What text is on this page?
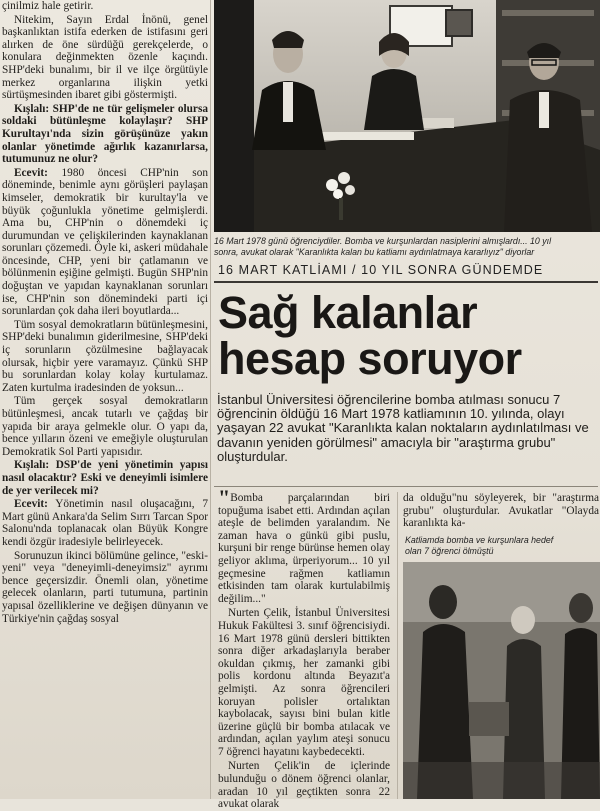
çinilmiz hale getirir.

Nitekim, Sayın Erdal İnönü, genel başkanlıktan istifa ederken de istifasını geri alırken de öne sürdüğü gerekçelerde, o konulara değinmekten özenle kaçındı. SHP'deki bunalımı, bir il ve ilçe örgütüyle merkez organlarına ilişkin yetki sürtüşmesinden ibaret gibi göstermişti.

Kışlalı: SHP'de ne tür gelişmeler olursa soldaki bütünleşme kolaylaşır? SHP Kurultayı'nda sizin görüşünüze yakın olanlar yönetimde ağırlık kazanırlarsa, tutumunuz ne olur?

Ecevit: 1980 öncesi CHP'nin son döneminde, benimle aynı görüşleri paylaşan kimseler, demokratik bir kurultay'la ve büyük çoğunlukla yönetime gelmişlerdi. Ama bu, CHP'nin o dönemdeki iç durumundan ve çelişkilerinden kaynaklanan sorunları çözemedi. Öyle ki, askeri müdahale öncesinde, CHP, yeni bir çatlamanın ve bölünmenin eşiğine gelmişti. Bugün SHP'nin doğuştan ve yapıdan kaynaklanan sorunları ise, CHP'nin son dönemindeki parti içi sorunlardan çok daha ileri boyutlarda...

Tüm sosyal demokratların bütünleşmesini, SHP'deki bunalımın giderilmesine, SHP'deki iç sorunların çözülmesine bağlayacak olursak, hiçbir yere varamayız. Çünkü SHP bu sorunlardan kolay kolay kurtulamaz. Zaten kurtulma iradesinden de yoksun...

Tüm gerçek sosyal demokratların bütünleşmesi, ancak tutarlı ve çağdaş bir yapıda bir araya gelmekle olur. O yapı da, bence yılların özeni ve emeğiyle oluşturulan Demokratik Sol Parti yapısıdır.

Kışlalı: DSP'de yeni yönetimin yapısı nasıl olacaktır? Eski ve deneyimli isimlere de yer verilecek mi?

Ecevit: Yönetimin nasıl oluşacağını, 7 Mart günü Ankara'da Selim Sırrı Tarcan Spor Salonu'nda toplanacak olan Büyük Kongre kendi özgür iradesiyle belirleyecek.

Sorunuzun ikinci bölümüne gelince, "eski-yeni" veya "deneyimli-deneyimsiz" ayrımı bence geçersizdir. Önemli olan, yönetime gelecek olanların, parti tutumuna, partinin yapısal özelliklerine ve değişen dünyanın ve Türkiye'nin çağdaş sosyal

16 Mart 1978 günü öğrenciydiler. Bomba ve kurşunlardan nasiplerini almışlardı... 10 yıl
sonra, avukat olarak "Karanlıkta kalan bu katliamı aydınlatmaya kararlıyız" diyorlar
16 MART KATLİAMI / 10 YIL SONRA GÜNDEMDE
Sağ kalanlar
hesap soruyor
İstanbul Üniversitesi öğrencilerine bomba atılması sonucu 7 öğrencinin öldüğü 16 Mart 1978 katliamının 10. yılında, olayı yaşayan 22 avukat "Karanlıkta kalan noktaların aydınlatılması ve davanın yeniden görülmesi" amacıyla bir "araştırma grubu" oluşturdular.

"Bomba parçalarından biri topuğuma isabet etti. Ardından açılan ateşle de belimden yaralandım. Ne zaman hava o günkü gibi puslu, kurşuni bir renge bürünse hemen olay geliyor aklıma, ürperiyorum... 10 yıl geçmesine rağmen katliamın etkisinden tam olarak kurtulabilmiş değilim..."

Nurten Çelik, İstanbul Üniversitesi Hukuk Fakültesi 3. sınıf öğrencisiydi. 16 Mart 1978 günü dersleri bittikten sonra diğer arkadaşlarıyla beraber okuldan çıkmış, her zamanki gibi polis kordonu altında Beyazıt'a gelmişti. Az sonra öğrencileri koruyan polisler ortalıktan kaybolacak, sayısı bini bulan kitle üzerine güçlü bir bomba atılacak ve ardından, açılan yaylım ateşi sonucu 7 öğrenci hayatını kaybedecekti.

Nurten Çelik'in de içlerinde bulunduğu o dönem öğrenci olanlar, aradan 10 yıl geçtikten sonra 22 avukat olarak

da olduğu"nu söyleyerek, bir "araştırma grubu" oluşturdular. Avukatlar "Olayda karanlıkta ka-

Katliamda bomba ve kurşunlara hedef
olan 7 öğrenci ölmüştü
